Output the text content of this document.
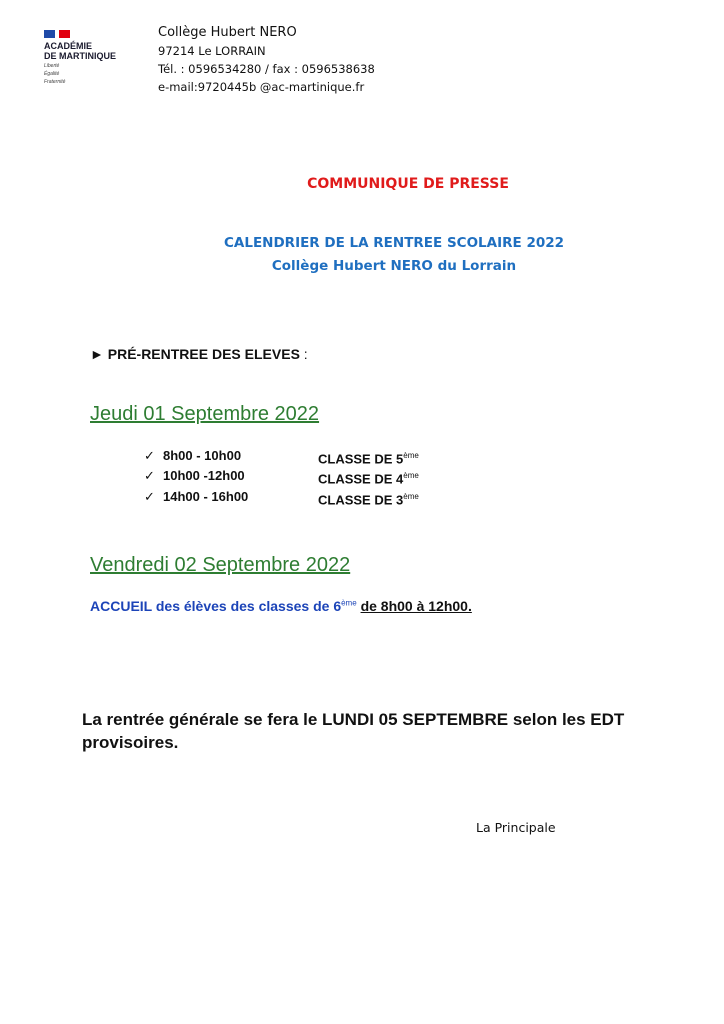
ACADÉMIE
DE MARTINIQUE
Liberté
Égalité
Fraternité
Collège Hubert NERO
97214 Le LORRAIN
Tél. : 0596534280 / fax : 0596538638
e-mail:9720445b @ac-martinique.fr
COMMUNIQUE DE PRESSE
CALENDRIER DE LA RENTREE SCOLAIRE 2022
Collège Hubert NERO du Lorrain
► PRÉ-RENTREE DES ELEVES :
Jeudi 01 Septembre 2022
✓ 8h00 - 10h00	CLASSE DE 5ème
✓ 10h00 -12h00	CLASSE DE 4ème
✓ 14h00 - 16h00	CLASSE DE 3ème
Vendredi 02 Septembre 2022
ACCUEIL des élèves des classes de 6ème de 8h00 à 12h00.
La rentrée générale se fera le LUNDI 05 SEPTEMBRE selon les EDT provisoires.
La Principale
